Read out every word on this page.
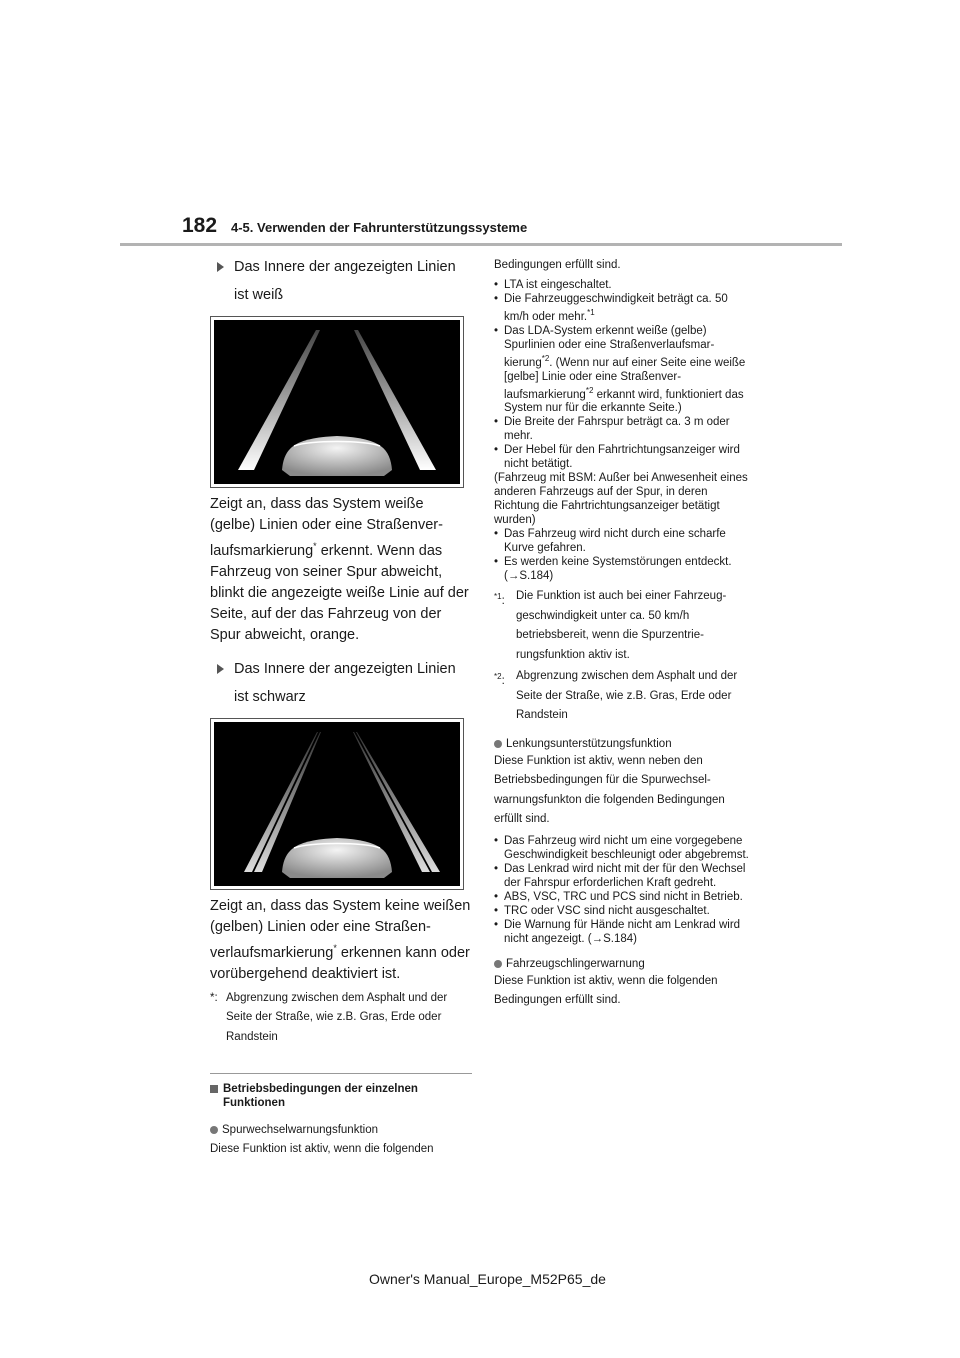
182 4-5. Verwenden der Fahrunterstützungssysteme
Das Innere der angezeigten Linien
ist weiß

Zeigt an, dass das System weiße (gelbe) Linien oder eine Straßenverlaufsmarkierung* erkennt. Wenn das Fahrzeug von seiner Spur abweicht, blinkt die angezeigte weiße Linie auf der Seite, auf der das Fahrzeug von der Spur abweicht, orange.

Das Innere der angezeigten Linien
ist schwarz

Zeigt an, dass das System keine weißen (gelben) Linien oder eine Straßenverlaufsmarkierung* erkennen kann oder vorübergehend deaktiviert ist.

*: Abgrenzung zwischen dem Asphalt und der Seite der Straße, wie z.B. Gras, Erde oder Randstein
Betriebsbedingungen der einzelnen Funktionen
Spurwechselwarnungsfunktion

Diese Funktion ist aktiv, wenn die folgenden

Bedingungen erfüllt sind.

• LTA ist eingeschaltet.
• Die Fahrzeuggeschwindigkeit beträgt ca. 50 km/h oder mehr.$^{*1}$
• Das LDA-System erkennt weiße (gelbe) Spurlinien oder eine Straßenverlaufsmarkierung$^{*2}$. (Wenn nur auf einer Seite eine weiße [gelbe] Linie oder eine Straßenverlaufsmarkierung$^{*2}$ erkannt wird, funktioniert das System nur für die erkannte Seite.)
• Die Breite der Fahrspur beträgt ca. 3 m oder mehr.
• Der Hebel für den Fahrtrichtungsanzeiger wird nicht betätigt.

(Fahrzeug mit BSM: Außer bei Anwesenheit eines anderen Fahrzeugs auf der Spur, in deren Richtung die Fahrtrichtungsanzeiger betätigt wurden)

• Das Fahrzeug wird nicht durch eine scharfe Kurve gefahren.
• Es werden keine Systemstörungen entdeckt. (→S.184)
$^{*1}$: Die Funktion ist auch bei einer Fahrzeuggeschwindigkeit unter ca. 50 km/h betriebsbereit, wenn die Spurzentrierungsfunktion aktiv ist.
$^{*2}$: Abgrenzung zwischen dem Asphalt und der Seite der Straße, wie z.B. Gras, Erde oder Randstein
Lenkungsunterstützungsfunktion

Diese Funktion ist aktiv, wenn neben den Betriebsbedingungen für die Spurwechselwarnungsfunkton die folgenden Bedingungen erfüllt sind.

• Das Fahrzeug wird nicht um eine vorgegebene Geschwindigkeit beschleunigt oder abgebremst.
• Das Lenkrad wird nicht mit der für den Wechsel der Fahrspur erforderlichen Kraft gedreht.
• ABS, VSC, TRC und PCS sind nicht in Betrieb.
• TRC oder VSC sind nicht ausgeschaltet.
• Die Warnung für Hände nicht am Lenkrad wird nicht angezeigt. (→S.184)
Fahrzeugschlingerwarnung

Diese Funktion ist aktiv, wenn die folgenden Bedingungen erfüllt sind.

Owner's Manual_Europe_M52P65_de
